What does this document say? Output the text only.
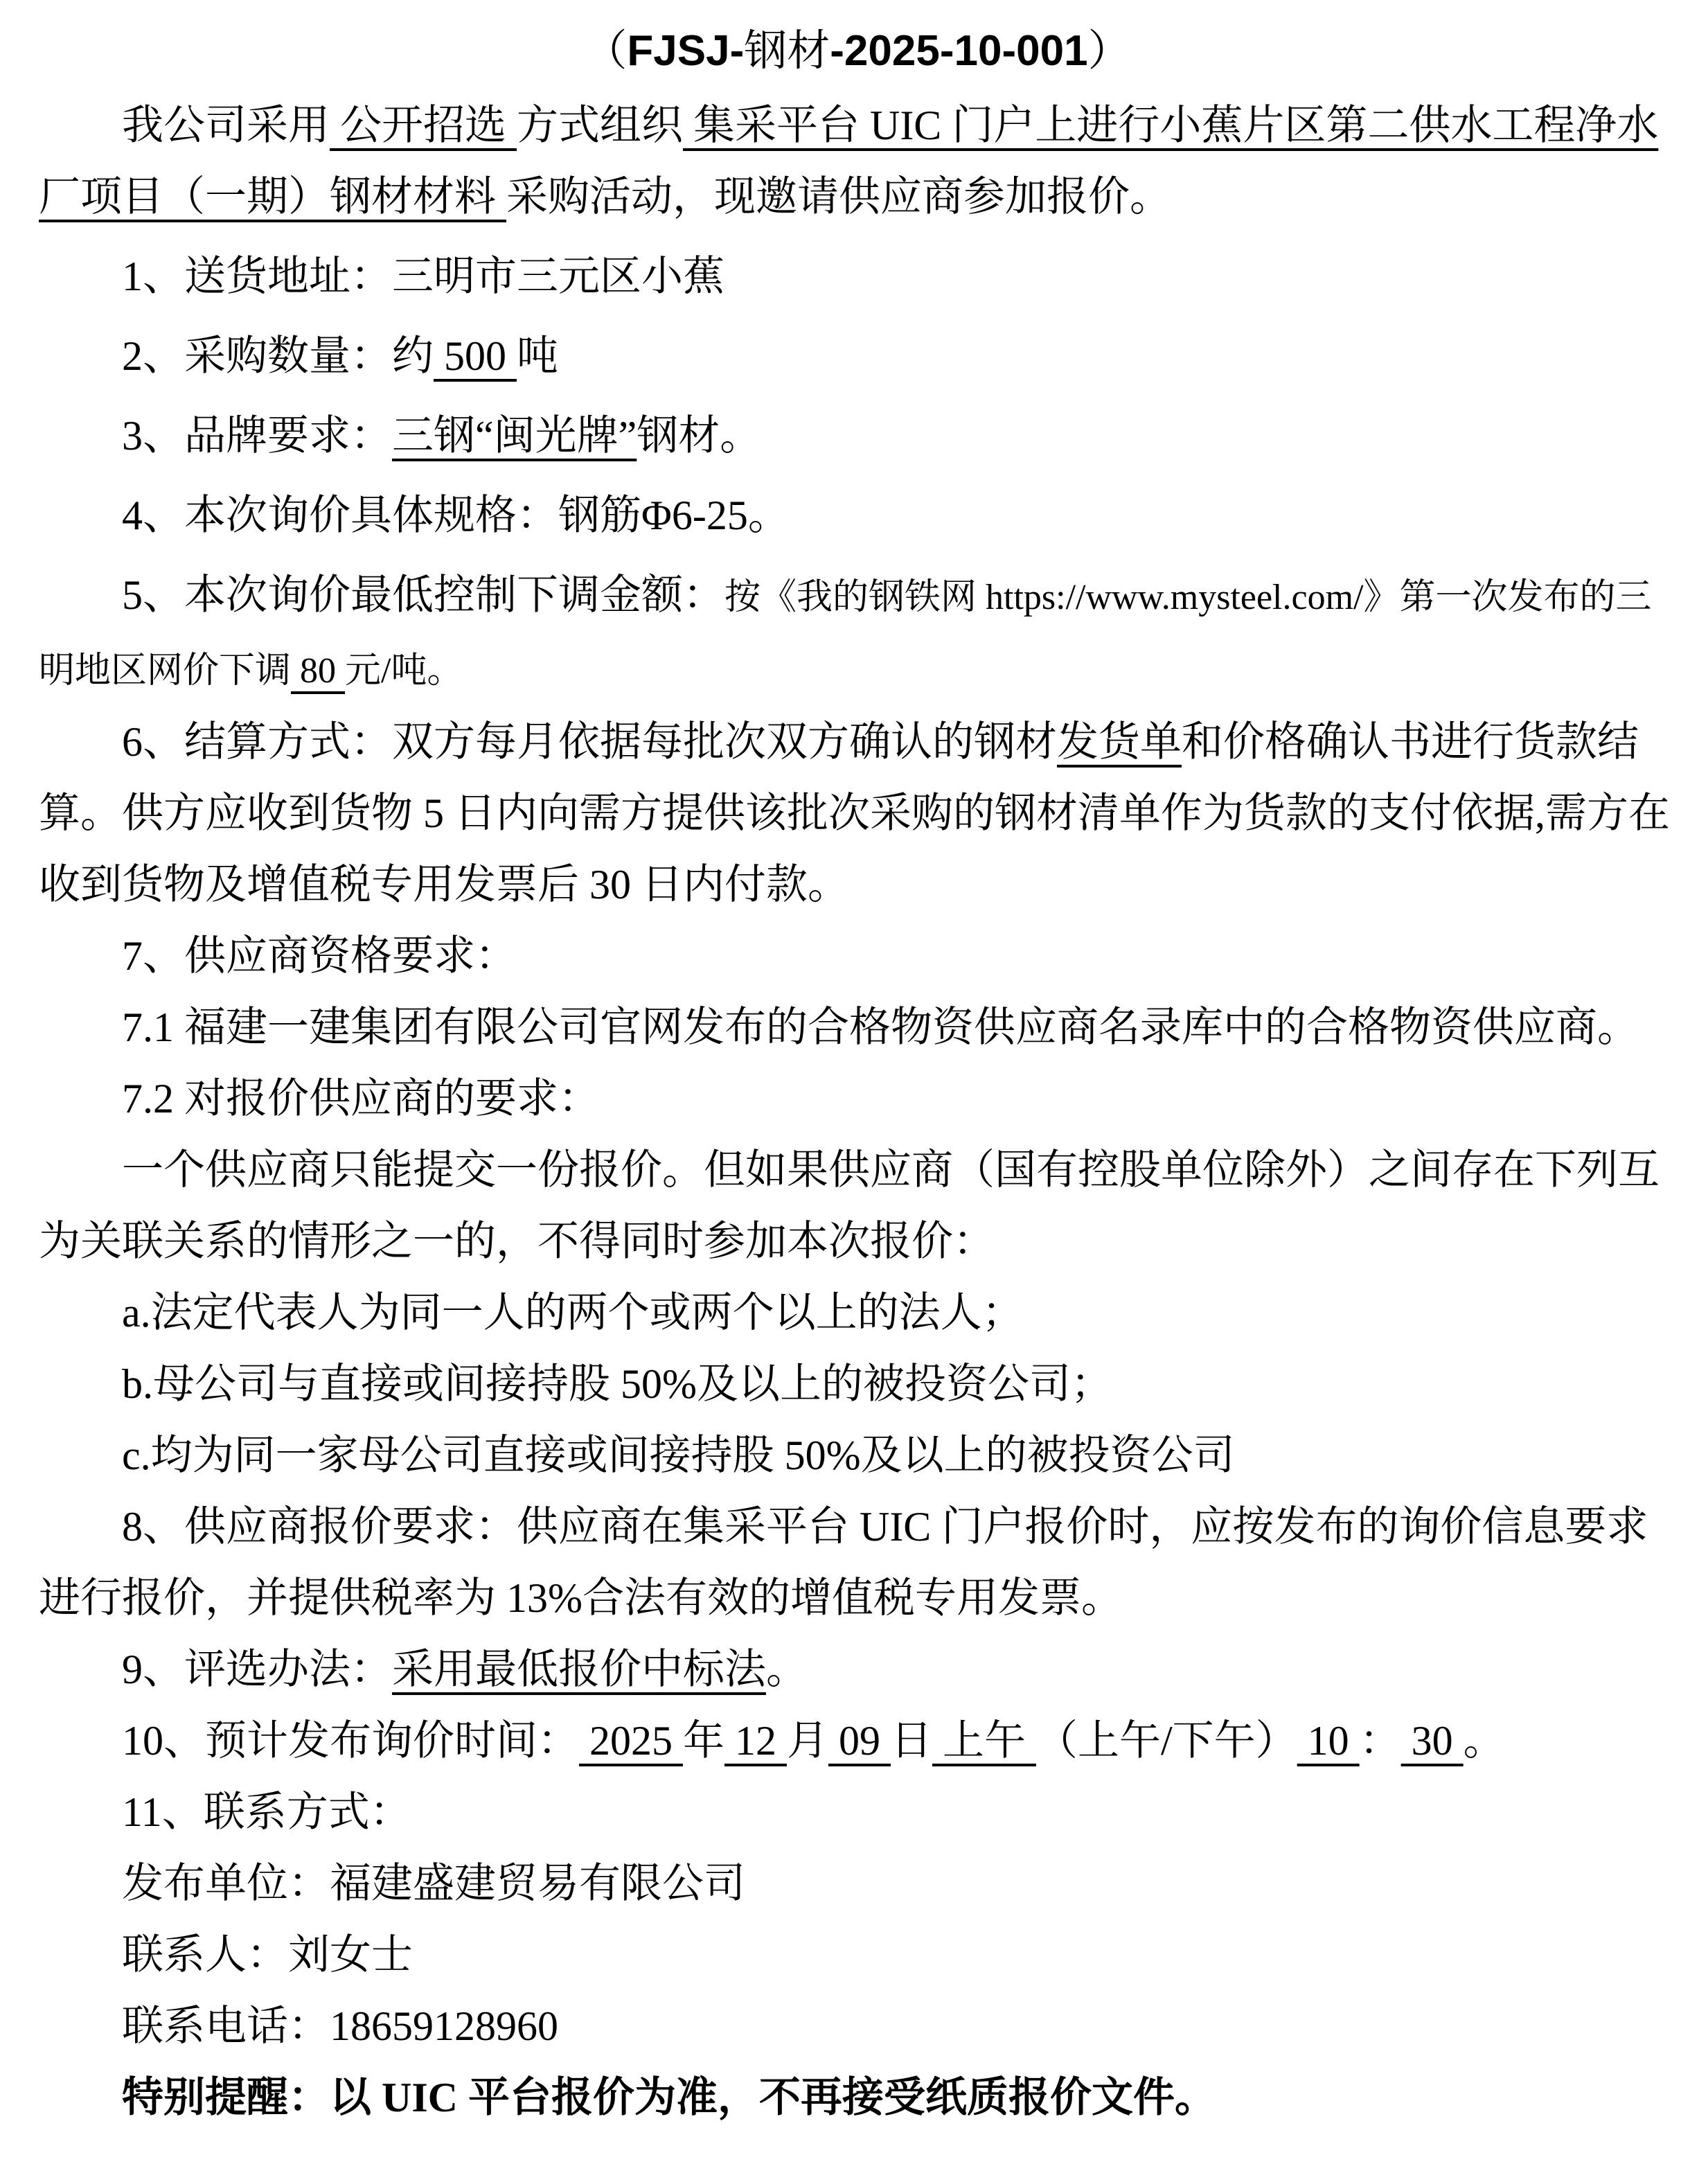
（FJSJ-钢材-2025-10-001）

我公司采用 公开招选 方式组织 集采平台 UIC 门户上进行小蕉片区第二供水工程净水厂项目（一期）钢材材料 采购活动，现邀请供应商参加报价。

1、送货地址：三明市三元区小蕉

2、采购数量：约 500 吨

3、品牌要求：三钢“闽光牌”钢材。

4、本次询价具体规格：钢筋Φ6-25。

5、本次询价最低控制下调金额：按《我的钢铁网 https://www.mysteel.com/》第一次发布的三明地区网价下调 80 元/吨。

6、结算方式：双方每月依据每批次双方确认的钢材发货单和价格确认书进行货款结算。供方应收到货物 5 日内向需方提供该批次采购的钢材清单作为货款的支付依据,需方在收到货物及增值税专用发票后 30 日内付款。

7、供应商资格要求：

7.1 福建一建集团有限公司官网发布的合格物资供应商名录库中的合格物资供应商。

7.2 对报价供应商的要求：

一个供应商只能提交一份报价。但如果供应商（国有控股单位除外）之间存在下列互为关联关系的情形之一的，不得同时参加本次报价：

a.法定代表人为同一人的两个或两个以上的法人；

b.母公司与直接或间接持股 50%及以上的被投资公司；

c.均为同一家母公司直接或间接持股 50%及以上的被投资公司

8、供应商报价要求：供应商在集采平台 UIC 门户报价时，应按发布的询价信息要求进行报价，并提供税率为 13%合法有效的增值税专用发票。

9、评选办法：采用最低报价中标法。

10、预计发布询价时间： 2025 年 12 月 09 日 上午 （上午/下午） 10 ： 30 。

11、联系方式：

发布单位：福建盛建贸易有限公司

联系人：刘女士

联系电话：18659128960

特别提醒：以 UIC 平台报价为准，不再接受纸质报价文件。
